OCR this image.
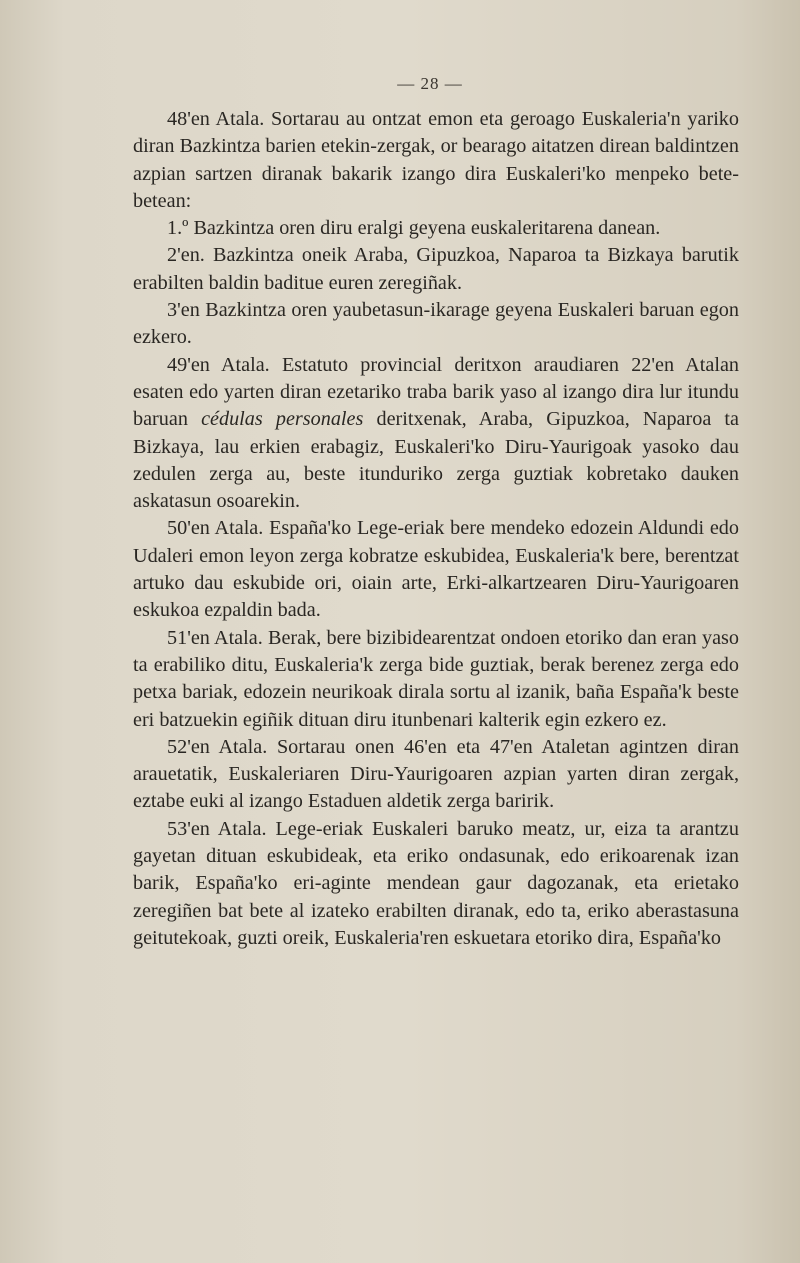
— 28 —

48'en Atala. Sortarau au ontzat emon eta geroago Euskaleria'n yariko diran Bazkintza barien etekin-zergak, or bearago aitatzen direan baldintzen azpian sartzen diranak bakarik izango dira Euskaleri'ko menpeko bete-betean:

1.º Bazkintza oren diru eralgi geyena euskaleritarena danean.

2'en. Bazkintza oneik Araba, Gipuzkoa, Naparoa ta Bizkaya barutik erabilten baldin baditue euren zeregiñak.

3'en Bazkintza oren yaubetasun-ikarage geyena Euskaleri baruan egon ezkero.

49'en Atala. Estatuto provincial deritxon araudiaren 22'en Atalan esaten edo yarten diran ezetariko traba barik yaso al izango dira lur itundu baruan cédulas personales deritxenak, Araba, Gipuzkoa, Naparoa ta Bizkaya, lau erkien erabagiz, Euskaleri'ko Diru-Yaurigoak yasoko dau zedulen zerga au, beste itunduriko zerga guztiak kobretako dauken askatasun osoarekin.

50'en Atala. España'ko Lege-eriak bere mendeko edozein Aldundi edo Udaleri emon leyon zerga kobratze eskubidea, Euskaleria'k bere, berentzat artuko dau eskubide ori, oiain arte, Erki-alkartzearen Diru-Yaurigoaren eskukoa ezpaldin bada.

51'en Atala. Berak, bere bizibidearentzat ondoen etoriko dan eran yaso ta erabiliko ditu, Euskaleria'k zerga bide guztiak, berak berenez zerga edo petxa bariak, edozein neurikoak dirala sortu al izanik, baña España'k beste eri batzuekin egiñik dituan diru itunbenari kalterik egin ezkero ez.

52'en Atala. Sortarau onen 46'en eta 47'en Ataletan agintzen diran arauetatik, Euskaleriaren Diru-Yaurigoaren azpian yarten diran zergak, eztabe euki al izango Estaduen aldetik zerga baririk.

53'en Atala. Lege-eriak Euskaleri baruko meatz, ur, eiza ta arantzu gayetan dituan eskubideak, eta eriko ondasunak, edo erikoarenak izan barik, España'ko eri-aginte mendean gaur dagozanak, eta erietako zeregiñen bat bete al izateko erabilten diranak, edo ta, eriko aberastasuna geitutekoak, guzti oreik, Euskaleria'ren eskuetara etoriko dira, España'ko
